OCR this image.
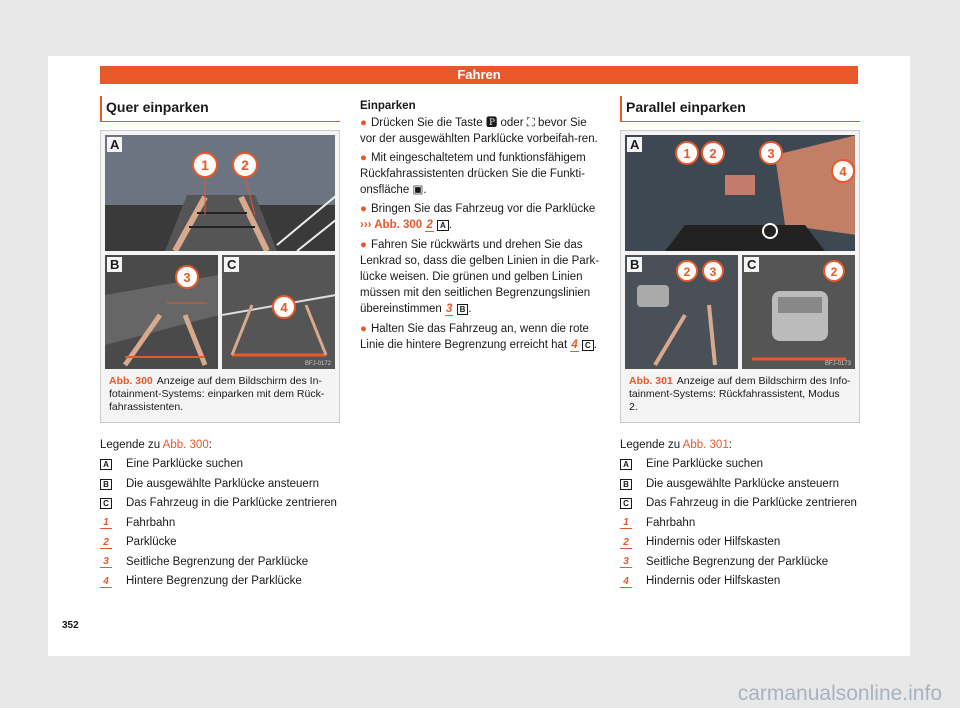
Fahren
Quer einparken
1 2
A
3
B
4
C
BFJ-0172
Abb. 300 Anzeige auf dem Bildschirm des In-fotainment-Systems: einparken mit dem Rück-fahrassistenten.
Legende zu Abb. 300:
A Eine Parklücke suchen
B Die ausgewählte Parklücke ansteuern
C Das Fahrzeug in die Parklücke zentrieren
1 Fahrbahn
2 Parklücke
3 Seitliche Begrenzung der Parklücke
4 Hintere Begrenzung der Parklücke
Einparken

● Drücken Sie die Taste 🅿 oder ⛶ bevor Sie vor der ausgewählten Parklücke vorbeifah-ren.

● Mit eingeschaltetem und funktionsfähigem Rückfahrassistenten drücken Sie die Funkti-onsfläche ▣.

● Bringen Sie das Fahrzeug vor die Parklücke ››› Abb. 300 2 A .

● Fahren Sie rückwärts und drehen Sie das Lenkrad so, dass die gelben Linien in die Park-lücke weisen. Die grünen und gelben Linien müssen mit den seitlichen Begrenzungslinien übereinstimmen 3 B .

● Halten Sie das Fahrzeug an, wenn die rote Linie die hintere Begrenzung erreicht hat 4 C .

Parallel einparken
1 2	3
4
A
2 3
B	2
C
BFJ-0173
Abb. 301 Anzeige auf dem Bildschirm des Info-tainment-Systems: Rückfahrassistent, Modus 2.
Legende zu Abb. 301:
A Eine Parklücke suchen
B Die ausgewählte Parklücke ansteuern
C Das Fahrzeug in die Parklücke zentrieren
1 Fahrbahn
2 Hindernis oder Hilfskasten
3 Seitliche Begrenzung der Parklücke
4 Hindernis oder Hilfskasten
352
carmanualsonline.info
